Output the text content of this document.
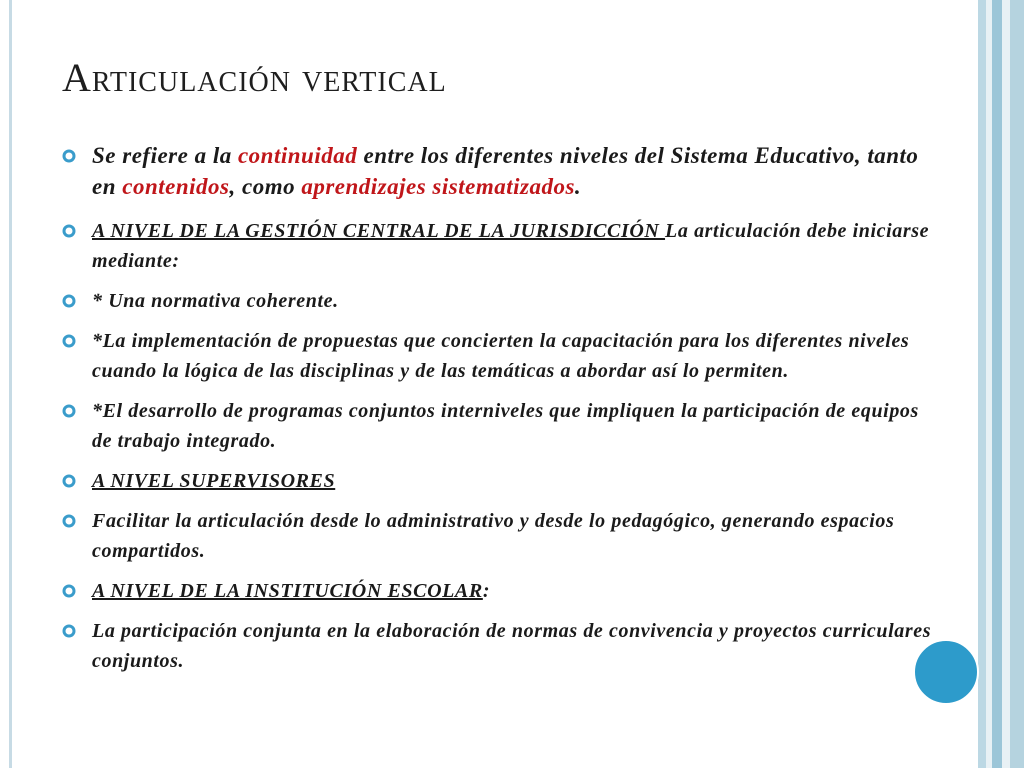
Articulación vertical
Se refiere a la continuidad entre los diferentes niveles del Sistema Educativo, tanto en contenidos, como aprendizajes sistematizados.
A NIVEL DE LA GESTIÓN CENTRAL DE LA JURISDICCIÓN La articulación debe iniciarse mediante:
* Una normativa coherente.
*La implementación de propuestas que concierten la capacitación para los diferentes niveles cuando la lógica de las disciplinas y de las temáticas a abordar así lo permiten.
*El desarrollo de programas conjuntos interniveles que impliquen la participación de equipos de trabajo integrado.
A NIVEL SUPERVISORES
Facilitar la articulación desde lo administrativo y desde lo pedagógico, generando espacios compartidos.
A NIVEL DE LA INSTITUCIÓN ESCOLAR:
La participación conjunta en la elaboración de normas de convivencia y proyectos curriculares conjuntos.
